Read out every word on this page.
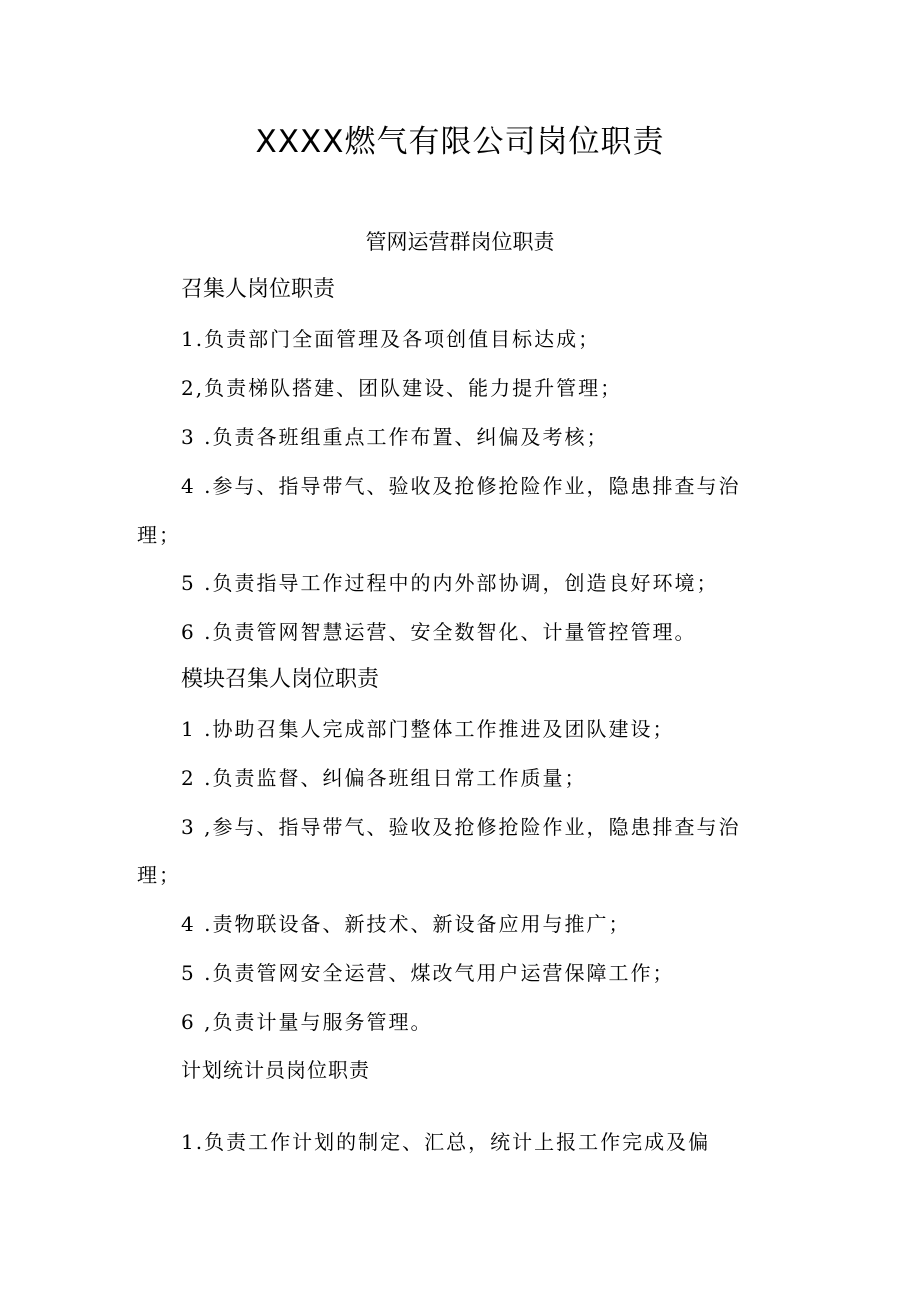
XXXX燃气有限公司岗位职责
管网运营群岗位职责
召集人岗位职责
1.负责部门全面管理及各项创值目标达成；
2,负责梯队搭建、团队建设、能力提升管理；
3 .负责各班组重点工作布置、纠偏及考核；
4 .参与、指导带气、验收及抢修抢险作业，隐患排查与治
理；
5 .负责指导工作过程中的内外部协调，创造良好环境；
6 .负责管网智慧运营、安全数智化、计量管控管理。
模块召集人岗位职责
1 .协助召集人完成部门整体工作推进及团队建设；
2 .负责监督、纠偏各班组日常工作质量；
3 ,参与、指导带气、验收及抢修抢险作业，隐患排查与治
理；
4 .责物联设备、新技术、新设备应用与推广；
5 .负责管网安全运营、煤改气用户运营保障工作；
6 ,负责计量与服务管理。
计划统计员岗位职责
1.负责工作计划的制定、汇总，统计上报工作完成及偏
